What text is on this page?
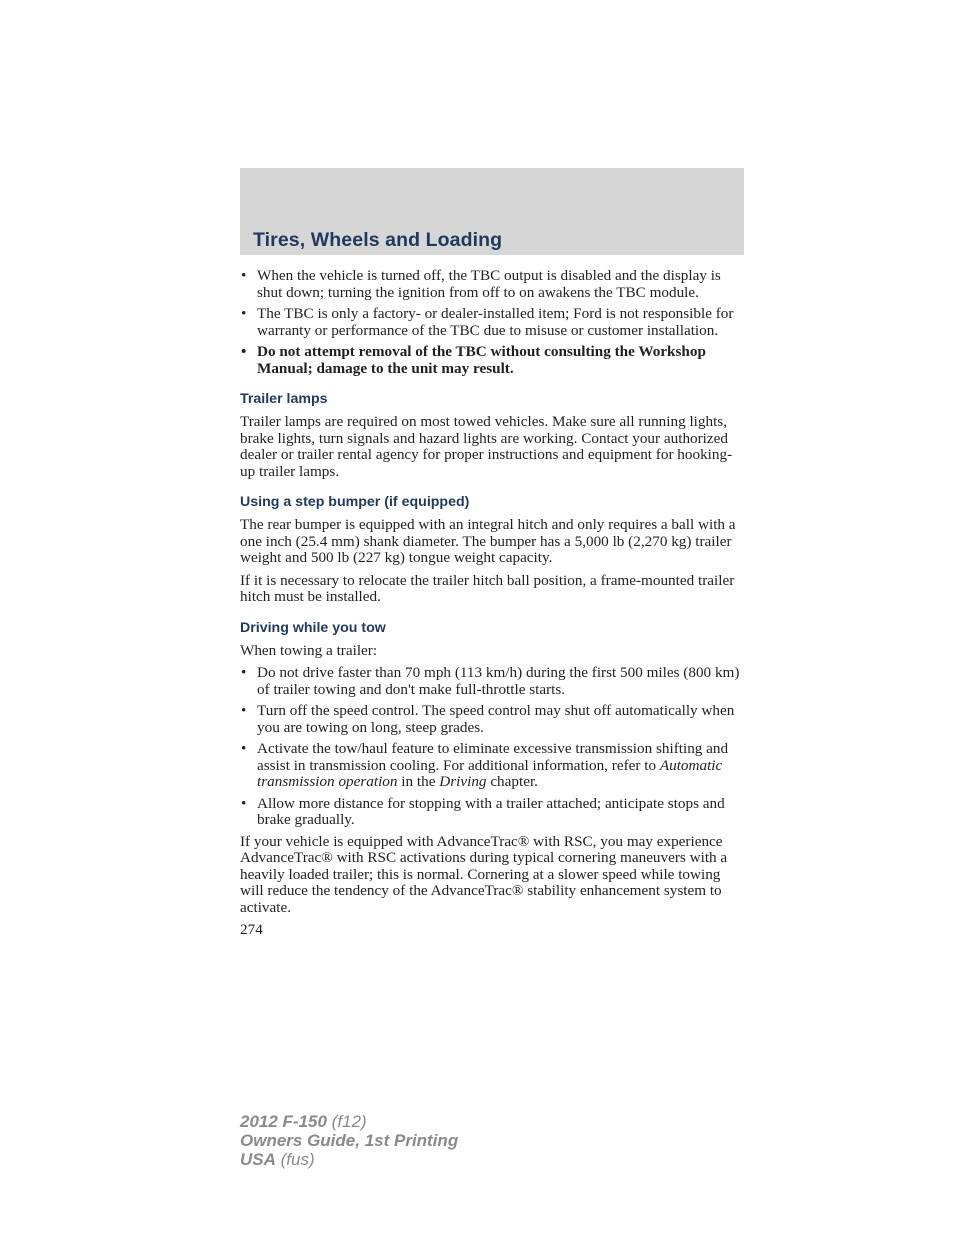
Tires, Wheels and Loading
• When the vehicle is turned off, the TBC output is disabled and the display is shut down; turning the ignition from off to on awakens the TBC module.
• The TBC is only a factory- or dealer-installed item; Ford is not responsible for warranty or performance of the TBC due to misuse or customer installation.
• Do not attempt removal of the TBC without consulting the Workshop Manual; damage to the unit may result.
Trailer lamps

Trailer lamps are required on most towed vehicles. Make sure all running lights, brake lights, turn signals and hazard lights are working. Contact your authorized dealer or trailer rental agency for proper instructions and equipment for hooking-up trailer lamps.

Using a step bumper (if equipped)

The rear bumper is equipped with an integral hitch and only requires a ball with a one inch (25.4 mm) shank diameter. The bumper has a 5,000 lb (2,270 kg) trailer weight and 500 lb (227 kg) tongue weight capacity.

If it is necessary to relocate the trailer hitch ball position, a frame-mounted trailer hitch must be installed.

Driving while you tow

When towing a trailer:

• Do not drive faster than 70 mph (113 km/h) during the first 500 miles (800 km) of trailer towing and don't make full-throttle starts.
• Turn off the speed control. The speed control may shut off automatically when you are towing on long, steep grades.
• Activate the tow/haul feature to eliminate excessive transmission shifting and assist in transmission cooling. For additional information, refer to Automatic transmission operation in the Driving chapter.
• Allow more distance for stopping with a trailer attached; anticipate stops and brake gradually.

If your vehicle is equipped with AdvanceTrac® with RSC, you may experience AdvanceTrac® with RSC activations during typical cornering maneuvers with a heavily loaded trailer; this is normal. Cornering at a slower speed while towing will reduce the tendency of the AdvanceTrac® stability enhancement system to activate.

274
2012 F-150 (f12)
Owners Guide, 1st Printing
USA (fus)
